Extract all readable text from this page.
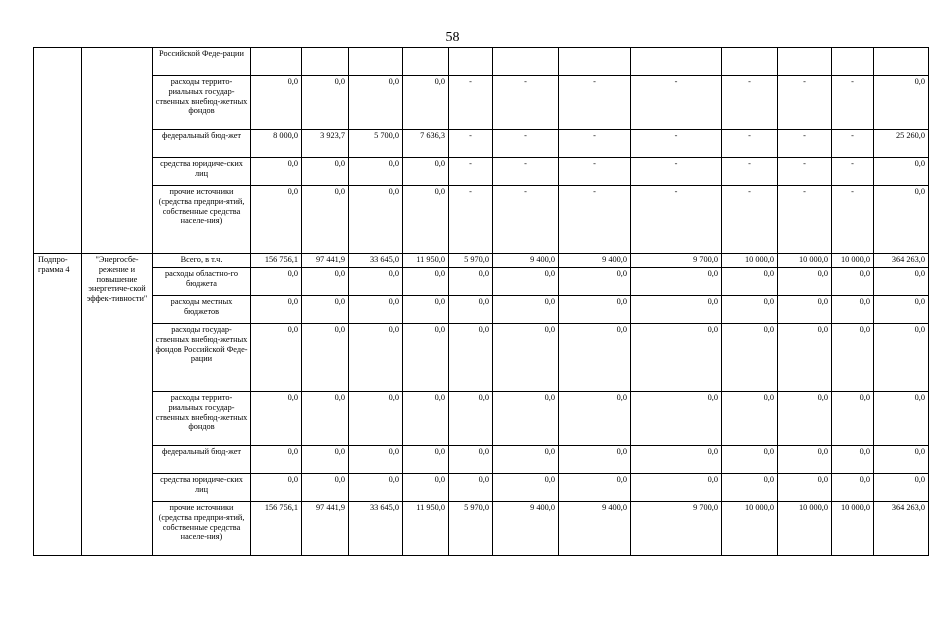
58
		Российской Феде-рации												
		расходы террито-риальных государ-ственных внебюд-жетных фондов	0,0	0,0	0,0	0,0	-	-	-	-	-	-	-	0,0
		федеральный бюд-жет	8 000,0	3 923,7	5 700,0	7 636,3	-	-	-	-	-	-	-	25 260,0
		средства юридиче-ских лиц	0,0	0,0	0,0	0,0	-	-	-	-	-	-	-	0,0
		прочие источники (средства предпри-ятий, собственные средства населе-ния)	0,0	0,0	0,0	0,0	-	-	-	-	-	-	-	0,0
Подпро-грамма 4	"Энергосбе-режение и повышение энергетиче-ской эффек-тивности"	Всего, в т.ч.	156 756,1	97 441,9	33 645,0	11 950,0	5 970,0	9 400,0	9 400,0	9 700,0	10 000,0	10 000,0	10 000,0	364 263,0
		расходы областно-го бюджета	0,0	0,0	0,0	0,0	0,0	0,0	0,0	0,0	0,0	0,0	0,0	0,0
		расходы местных бюджетов	0,0	0,0	0,0	0,0	0,0	0,0	0,0	0,0	0,0	0,0	0,0	0,0
		расходы государ-ственных внебюд-жетных фондов Российской Феде-рации	0,0	0,0	0,0	0,0	0,0	0,0	0,0	0,0	0,0	0,0	0,0	0,0
		расходы террито-риальных государ-ственных внебюд-жетных фондов	0,0	0,0	0,0	0,0	0,0	0,0	0,0	0,0	0,0	0,0	0,0	0,0
		федеральный бюд-жет	0,0	0,0	0,0	0,0	0,0	0,0	0,0	0,0	0,0	0,0	0,0	0,0
		средства юридиче-ских лиц	0,0	0,0	0,0	0,0	0,0	0,0	0,0	0,0	0,0	0,0	0,0	0,0
		прочие источники (средства предпри-ятий, собственные средства населе-ния)	156 756,1	97 441,9	33 645,0	11 950,0	5 970,0	9 400,0	9 400,0	9 700,0	10 000,0	10 000,0	10 000,0	364 263,0
